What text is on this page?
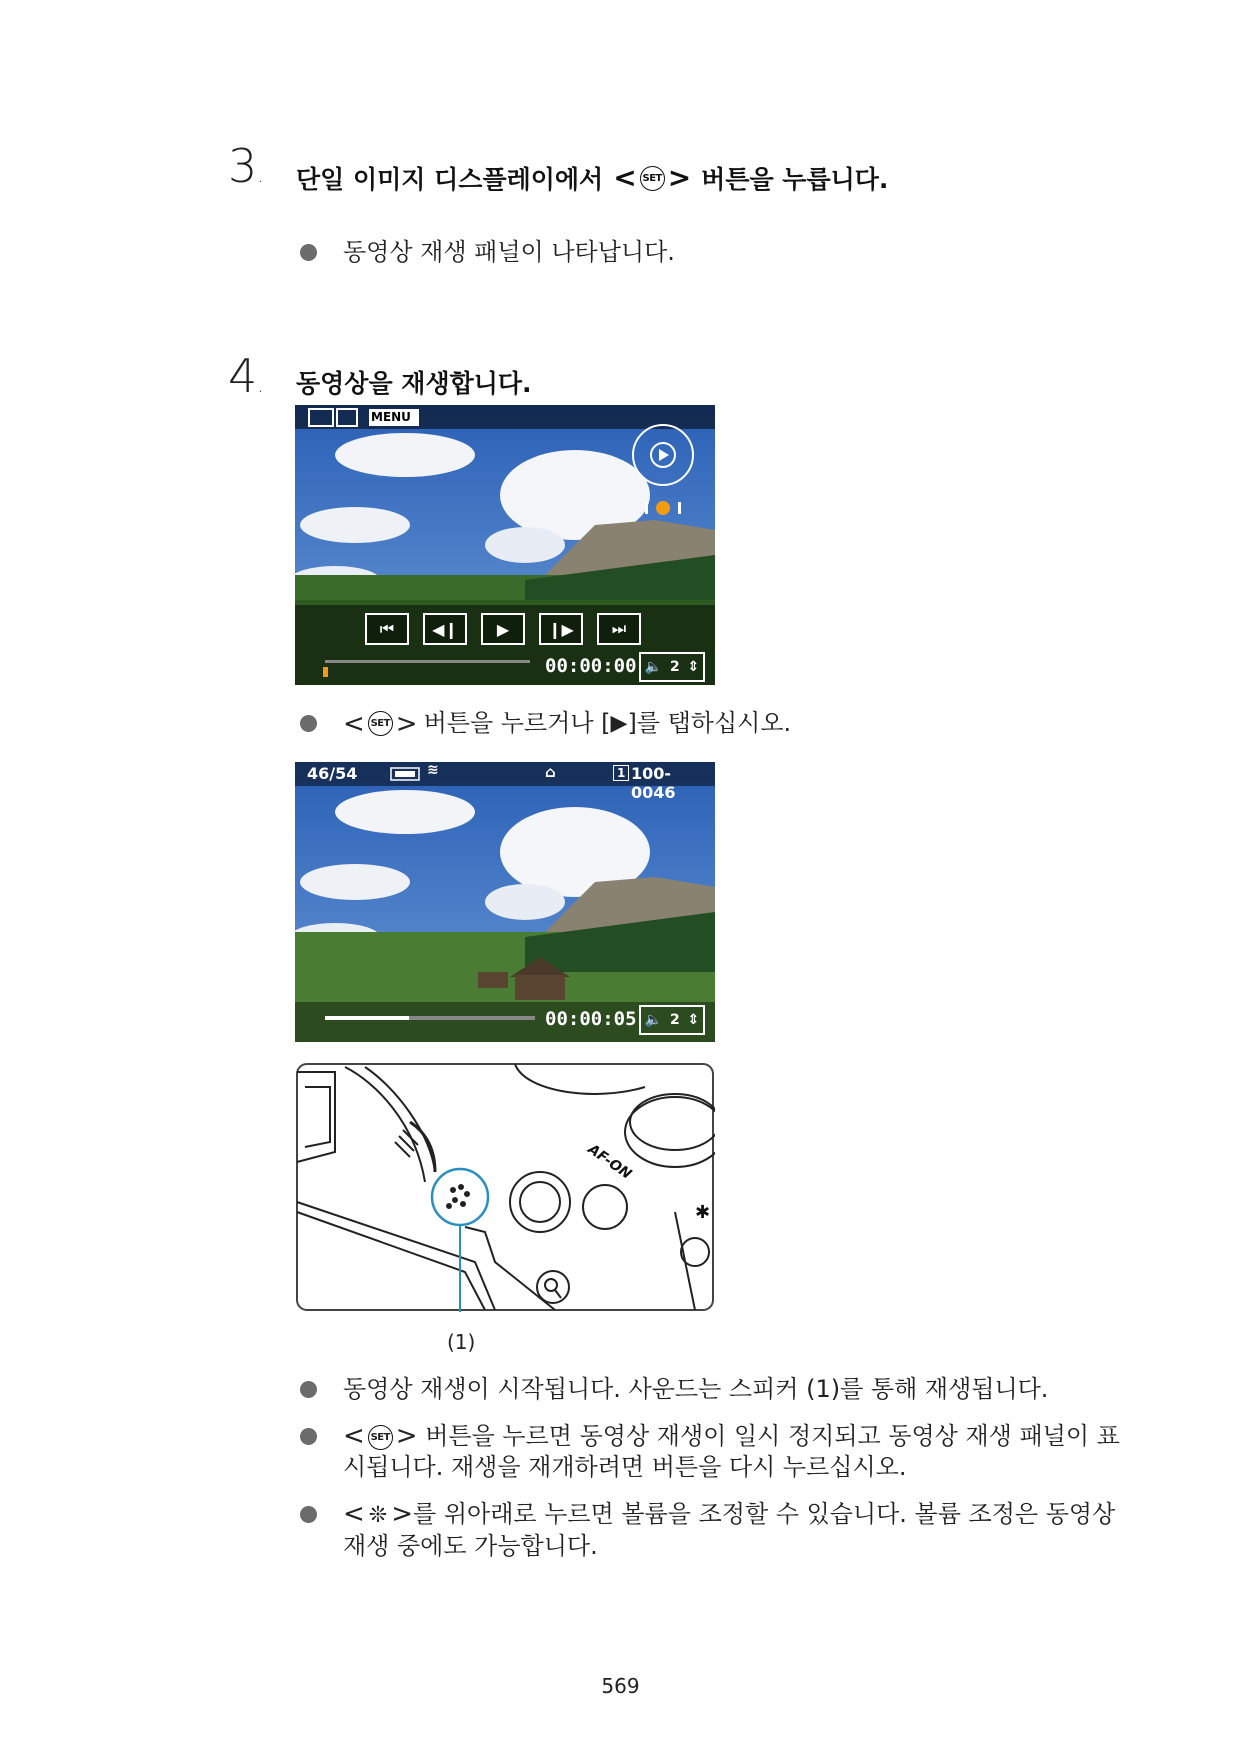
3. 단일 이미지 디스플레이에서 < SET > 버튼을 누릅니다.
동영상 재생 패널이 나타납니다.
4. 동영상을 재생합니다.
MENU
⏮	◀❙	▶	❙▶	⏭
00:00:00 🔈 2 ⇕
< SET > 버튼을 누르거나 [ ▶ ]를 탭하십시오.
46/54	≋	⌂	1 100-0046
00:00:05 🔈 2 ⇕
AF-ON
✱
(1)
동영상 재생이 시작됩니다. 사운드는 스피커 (1)를 통해 재생됩니다.
< SET > 버튼을 누르면 동영상 재생이 일시 정지되고 동영상 재생 패널이 표시됩니다. 재생을 재개하려면 버튼을 다시 누르십시오.
< ❊ >를 위아래로 누르면 볼륨을 조정할 수 있습니다. 볼륨 조정은 동영상 재생 중에도 가능합니다.
569
